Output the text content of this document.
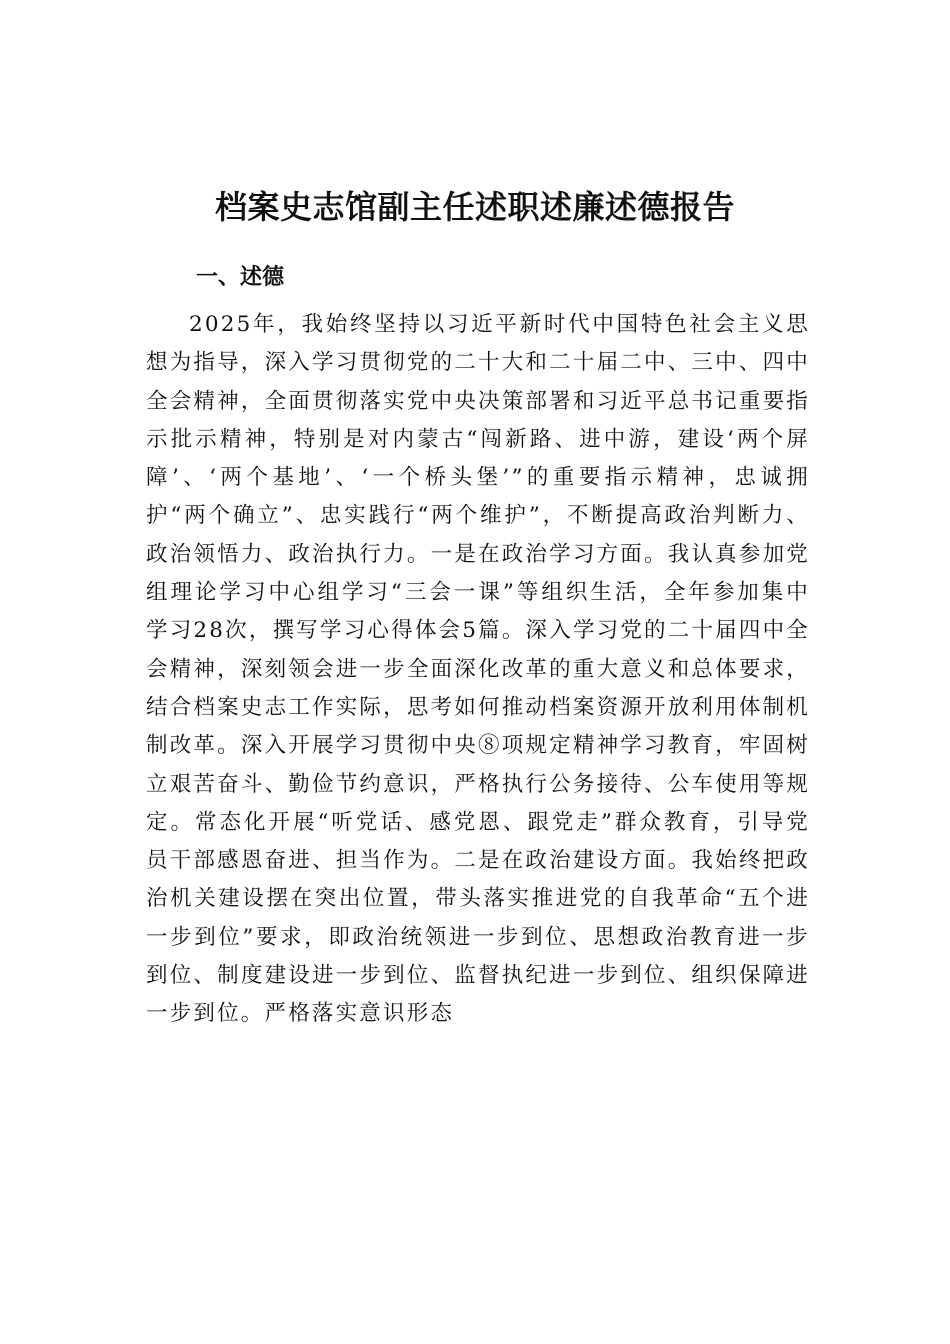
档案史志馆副主任述职述廉述德报告
一、述德

2025年，我始终坚持以习近平新时代中国特色社会主义思想为指导，深入学习贯彻党的二十大和二十届二中、三中、四中全会精神，全面贯彻落实党中央决策部署和习近平总书记重要指示批示精神，特别是对内蒙古“闯新路、进中游，建设‘两个屏障’、‘两个基地’、‘一个桥头堡’”的重要指示精神，忠诚拥护“两个确立”、忠实践行“两个维护”，不断提高政治判断力、政治领悟力、政治执行力。一是在政治学习方面。我认真参加党组理论学习中心组学习“三会一课”等组织生活，全年参加集中学习28次，撰写学习心得体会5篇。深入学习党的二十届四中全会精神，深刻领会进一步全面深化改革的重大意义和总体要求，结合档案史志工作实际，思考如何推动档案资源开放利用体制机制改革。深入开展学习贯彻中央⑧项规定精神学习教育，牢固树立艰苦奋斗、勤俭节约意识，严格执行公务接待、公车使用等规定。常态化开展“听党话、感党恩、跟党走”群众教育，引导党员干部感恩奋进、担当作为。二是在政治建设方面。我始终把政治机关建设摆在突出位置，带头落实推进党的自我革命“五个进一步到位”要求，即政治统领进一步到位、思想政治教育进一步到位、制度建设进一步到位、监督执纪进一步到位、组织保障进一步到位。严格落实意识形态
